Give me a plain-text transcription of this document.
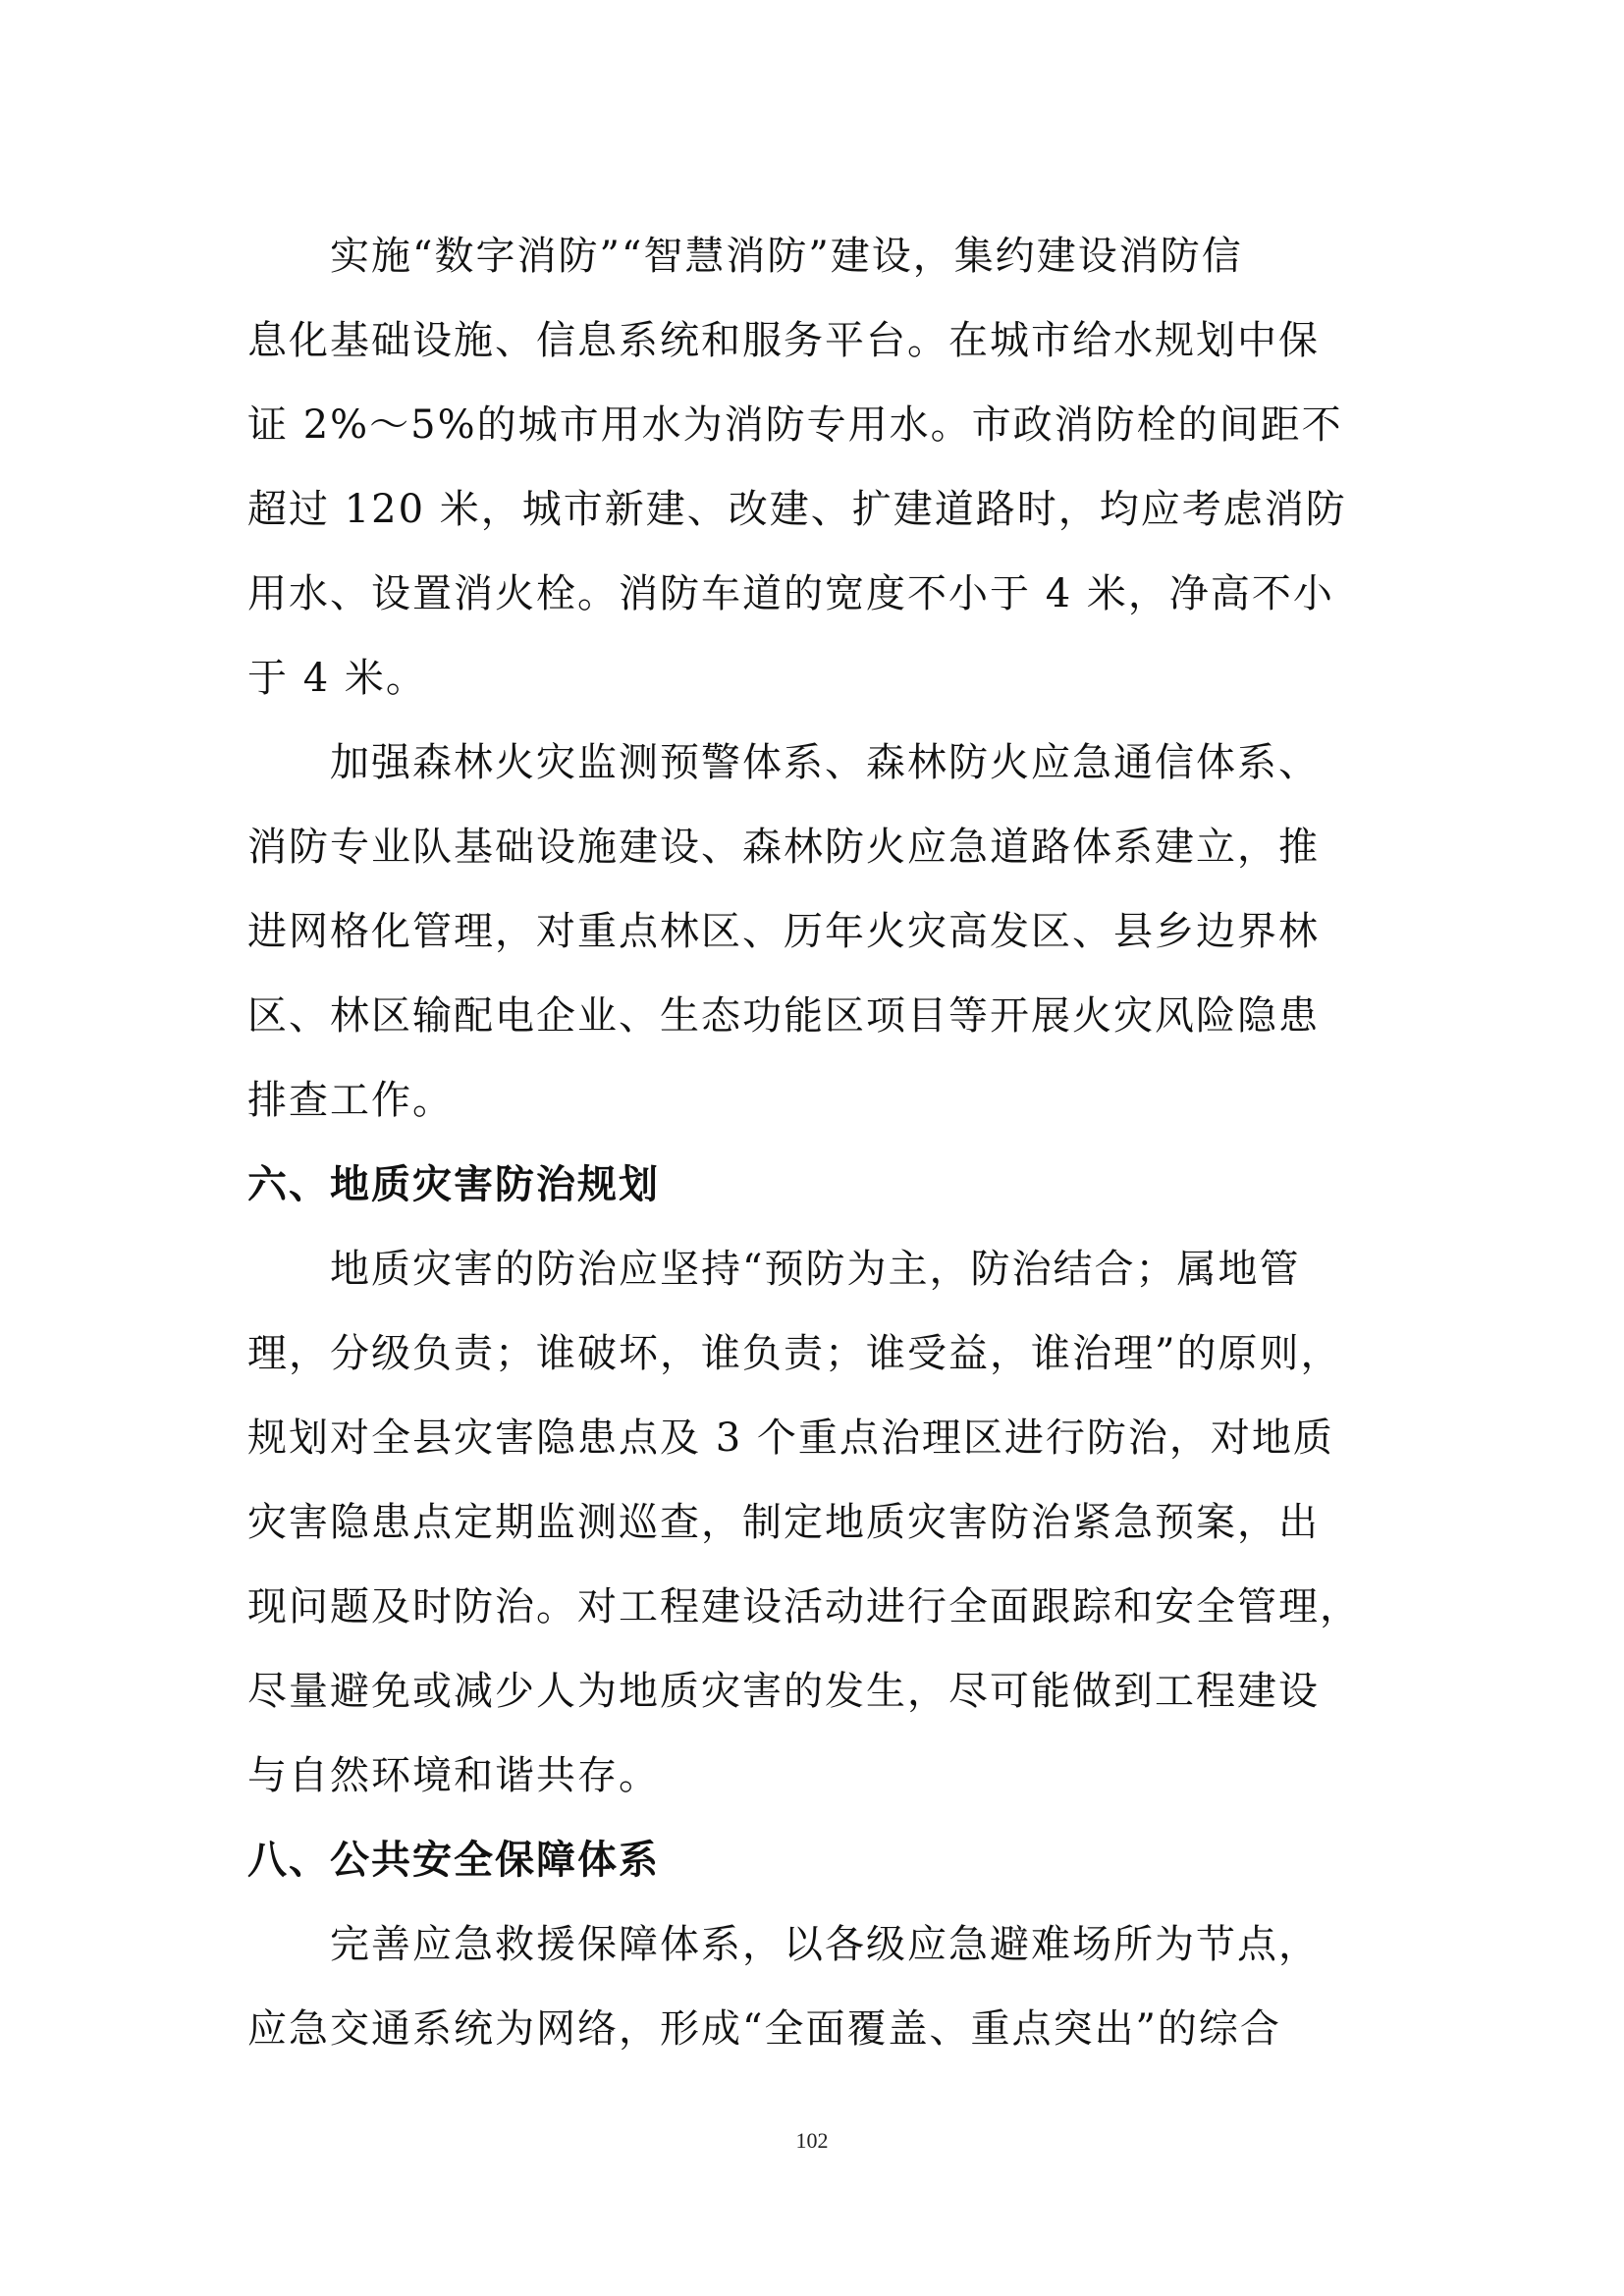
　　实施“数字消防”“智慧消防”建设，集约建设消防信
息化基础设施、信息系统和服务平台。在城市给水规划中保
证 2%～5%的城市用水为消防专用水。市政消防栓的间距不
超过 120 米，城市新建、改建、扩建道路时，均应考虑消防
用水、设置消火栓。消防车道的宽度不小于 4 米，净高不小
于 4 米。
　　加强森林火灾监测预警体系、森林防火应急通信体系、
消防专业队基础设施建设、森林防火应急道路体系建立，推
进网格化管理，对重点林区、历年火灾高发区、县乡边界林
区、林区输配电企业、生态功能区项目等开展火灾风险隐患
排查工作。
六、地质灾害防治规划
　　地质灾害的防治应坚持“预防为主，防治结合；属地管
理，分级负责；谁破坏，谁负责；谁受益，谁治理”的原则，
规划对全县灾害隐患点及 3 个重点治理区进行防治，对地质
灾害隐患点定期监测巡查，制定地质灾害防治紧急预案，出
现问题及时防治。对工程建设活动进行全面跟踪和安全管理，
尽量避免或减少人为地质灾害的发生，尽可能做到工程建设
与自然环境和谐共存。
八、公共安全保障体系
　　完善应急救援保障体系，以各级应急避难场所为节点，
应急交通系统为网络，形成“全面覆盖、重点突出”的综合
102
